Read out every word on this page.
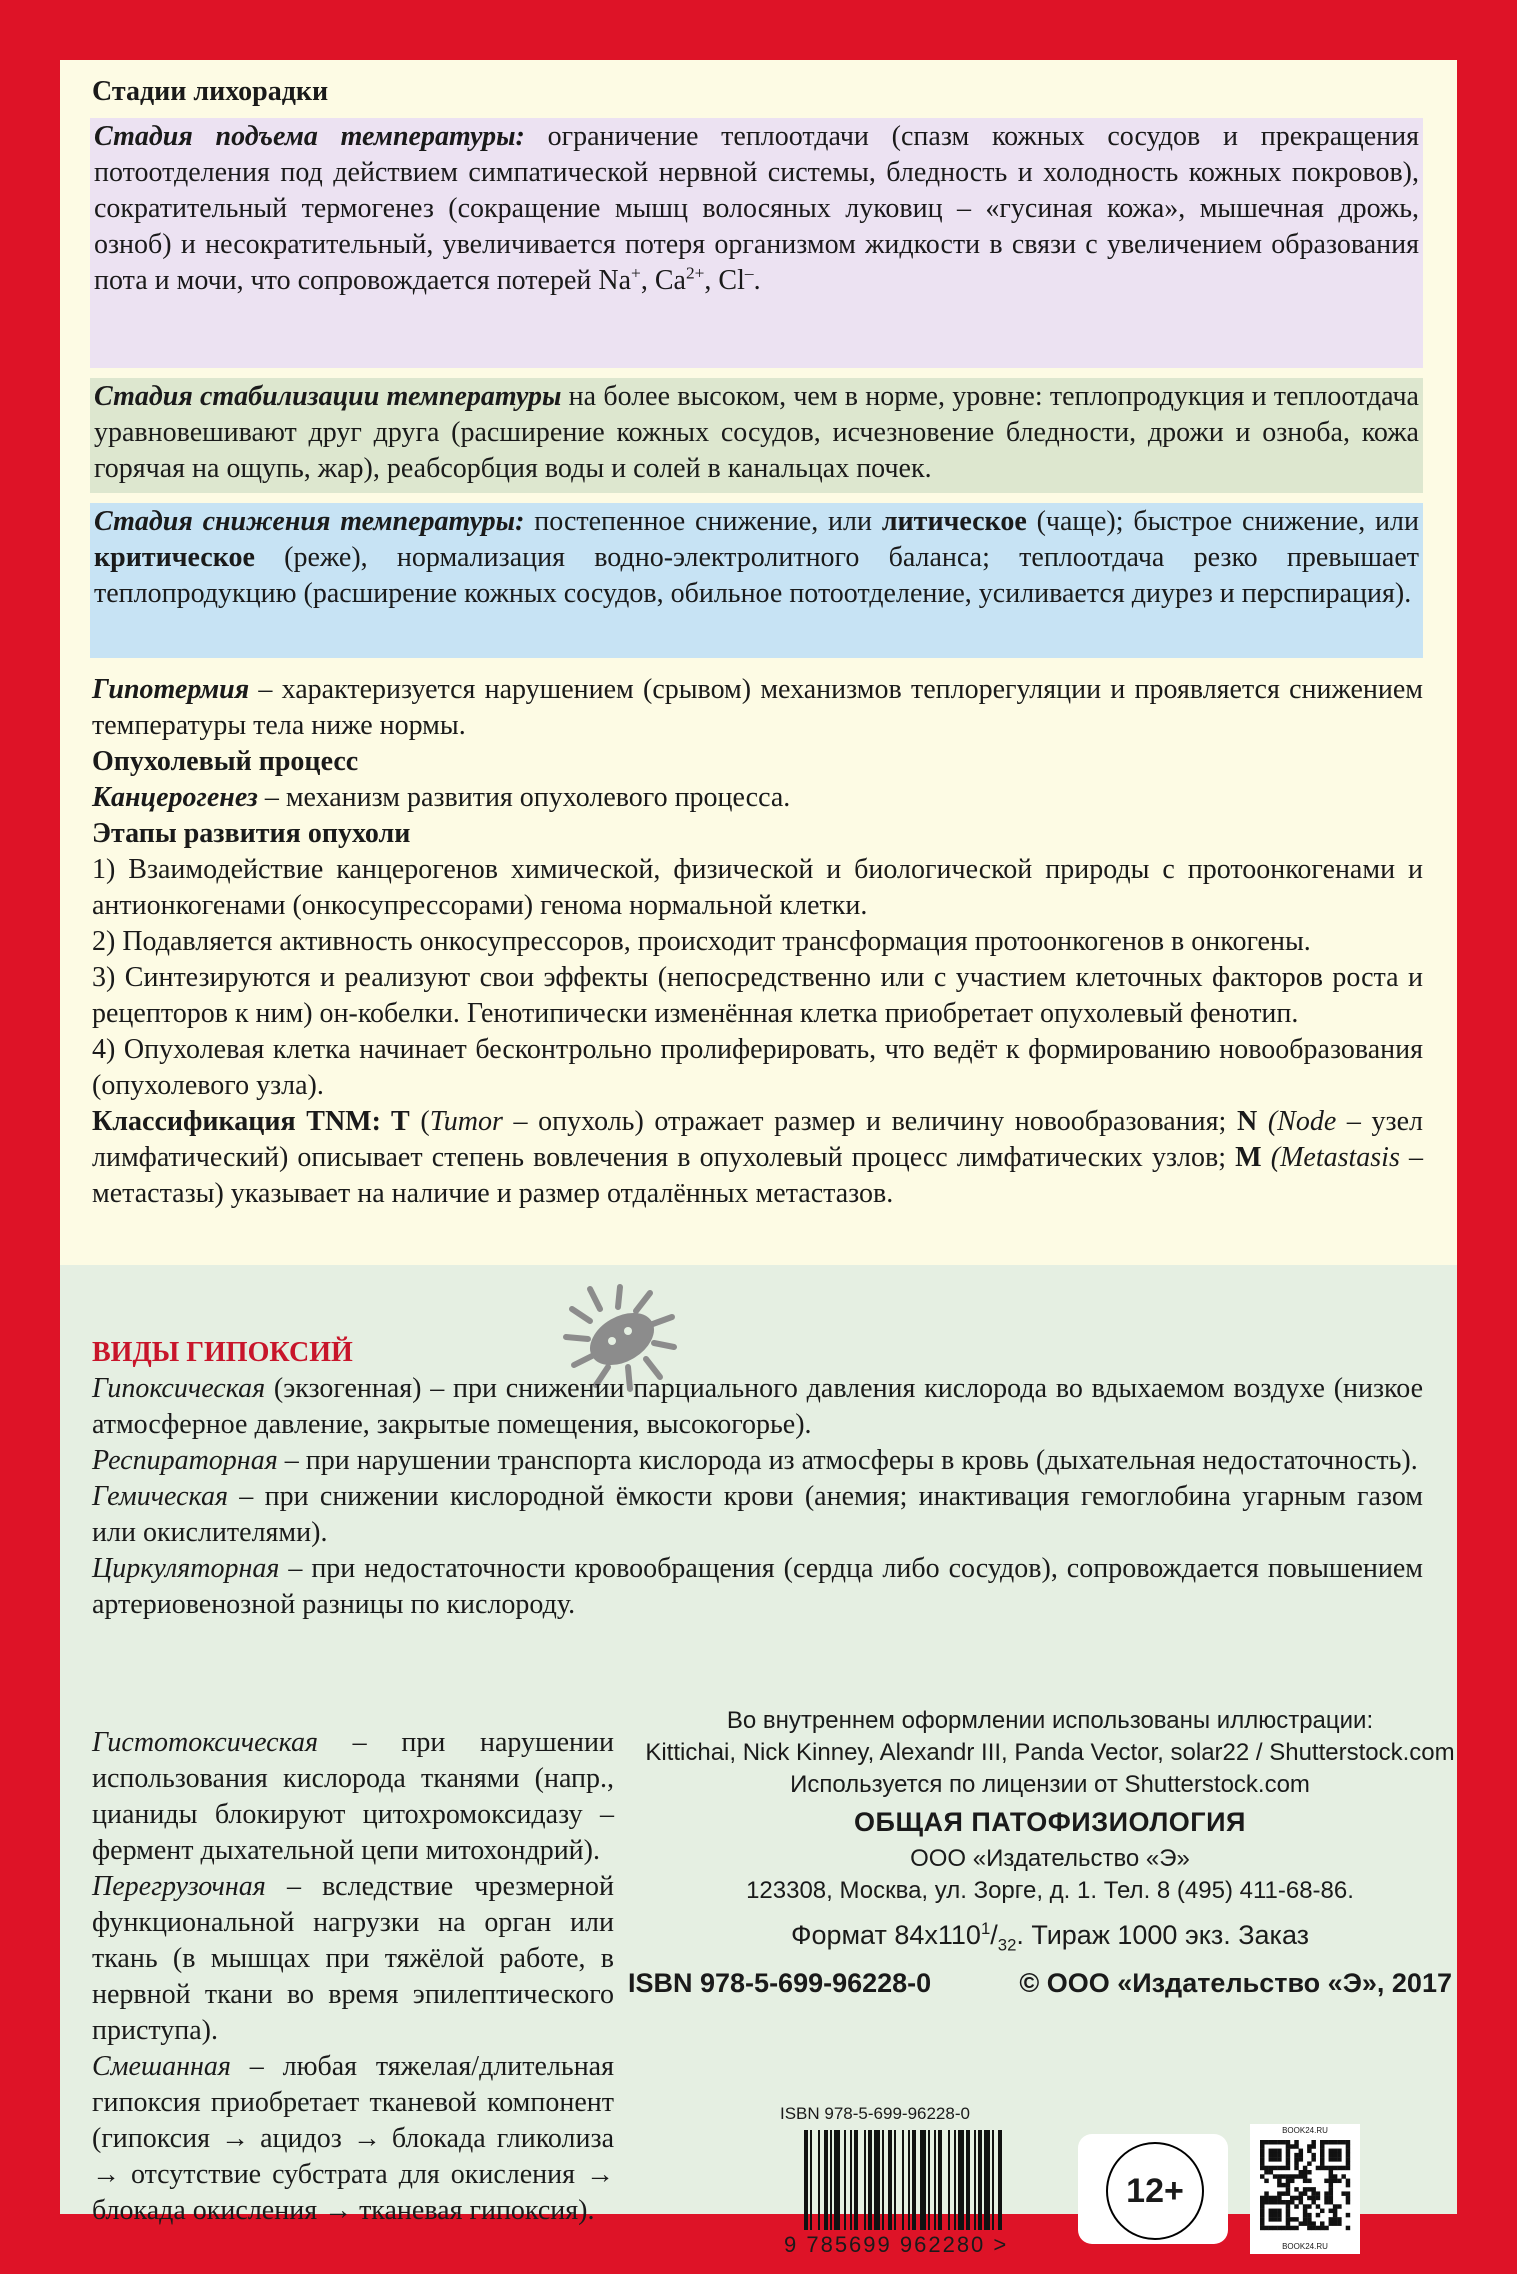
Стадии лихорадки

Стадия подъема температуры: ограничение теплоотдачи (спазм кожных сосудов и прекращения потоотделения под действием симпатической нервной системы, бледность и холодность кожных покровов), сократительный термогенез (сокращение мышц волосяных луковиц – «гусиная кожа», мышечная дрожь, озноб) и несократительный, увеличивается потеря организмом жидкости в связи с увеличением образования пота и мочи, что сопровождается потерей Na+, $Ca^{2+}$, Cl–.

Стадия стабилизации температуры на более высоком, чем в норме, уровне: теплопродукция и теплоотдача уравновешивают друг друга (расширение кожных сосудов, исчезновение бледности, дрожи и озноба, кожа горячая на ощупь, жар), реабсорбция воды и солей в канальцах почек.

Стадия снижения температуры: постепенное снижение, или литическое (чаще); быстрое снижение, или критическое (реже), нормализация водно-электролитного баланса; теплоотдача резко превышает теплопродукцию (расширение кожных сосудов, обильное потоотделение, усиливается диурез и перспирация).

Гипотермия – характеризуется нарушением (срывом) механизмов теплорегуляции и проявляется снижением температуры тела ниже нормы.

Опухолевый процесс

Канцерогенез – механизм развития опухолевого процесса.

Этапы развития опухоли

1) Взаимодействие канцерогенов химической, физической и биологической природы с протоонкогенами и антионкогенами (онкосупрессорами) генома нормальной клетки.

2) Подавляется активность онкосупрессоров, происходит трансформация протоонкогенов в онкогены.

3) Синтезируются и реализуют свои эффекты (непосредственно или с участием клеточных факторов роста и рецепторов к ним) он-кобелки. Генотипически изменённая клетка приобретает опухолевый фенотип.

4) Опухолевая клетка начинает бесконтрольно пролиферировать, что ведёт к формированию новообразования (опухолевого узла).

Классификация TNM: T (Tumor – опухоль) отражает размер и величину новообразования; N (Node – узел лимфатический) описывает степень вовлечения в опухолевый процесс лимфатических узлов; M (Metastasis – метастазы) указывает на наличие и размер отдалённых метастазов.

ВИДЫ ГИПОКСИЙ

Гипоксическая (экзогенная) – при снижении парциального давления кислорода во вдыхаемом воздухе (низкое атмосферное давление, закрытые помещения, высокогорье).

Респираторная – при нарушении транспорта кислорода из атмосферы в кровь (дыхательная недостаточность).

Гемическая – при снижении кислородной ёмкости крови (анемия; инактивация гемоглобина угарным газом или окислителями).

Циркуляторная – при недостаточности кровообращения (сердца либо сосудов), сопровождается повышением артериовенозной разницы по кислороду.

Гистотоксическая – при нарушении использования кислорода тканями (напр., цианиды блокируют цитохромоксидазу – фермент дыхательной цепи митохондрий).

Перегрузочная – вследствие чрезмерной функциональной нагрузки на орган или ткань (в мышцах при тяжёлой работе, в нервной ткани во время эпилептического приступа).

Смешанная – любая тяжелая/длительная гипоксия приобретает тканевой компонент (гипоксия → ацидоз → блокада гликолиза → отсутствие субстрата для окисления → блокада окисления → тканевая гипоксия).

Во внутреннем оформлении использованы иллюстрации:
Kittichai, Nick Kinney, Alexandr III, Panda Vector, solar22 / Shutterstock.com
Используется по лицензии от Shutterstock.com
ОБЩАЯ ПАТОФИЗИОЛОГИЯ
ООО «Издательство «Э»
123308, Москва, ул. Зорге, д. 1. Тел. 8 (495) 411-68-86.
Формат $84х110^1/_{32}$. Тираж 1000 экз. Заказ
ISBN 978-5-699-96228-0	© ООО «Издательство «Э», 2017
ISBN 978-5-699-96228-0
9 785699 962280 >
12+
BOOK24.RU
BOOK24.RU
